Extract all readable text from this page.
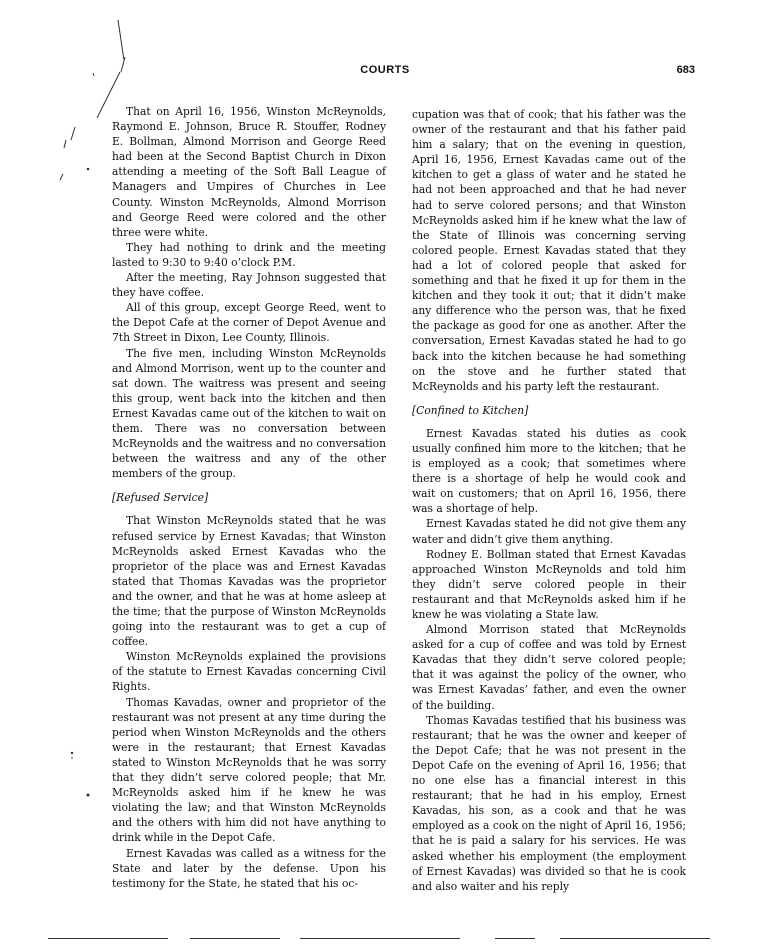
COURTS	683

That on April 16, 1956, Winston McReynolds, Raymond E. Johnson, Bruce R. Stouffer, Rodney E. Bollman, Almond Morrison and George Reed had been at the Second Baptist Church in Dixon attending a meeting of the Soft Ball League of Managers and Umpires of Churches in Lee County. Winston McReynolds, Almond Morrison and George Reed were colored and the other three were white.

They had nothing to drink and the meeting lasted to 9:30 to 9:40 o’clock P.M.

After the meeting, Ray Johnson suggested that they have coffee.

All of this group, except George Reed, went to the Depot Cafe at the corner of Depot Avenue and 7th Street in Dixon, Lee County, Illinois.

The five men, including Winston McReynolds and Almond Morrison, went up to the counter and sat down. The waitress was present and seeing this group, went back into the kitchen and then Ernest Kavadas came out of the kitchen to wait on them. There was no conversation between McReynolds and the waitress and no conversation between the waitress and any of the other members of the group.

[Refused Service]

That Winston McReynolds stated that he was refused service by Ernest Kavadas; that Winston McReynolds asked Ernest Kavadas who the proprietor of the place was and Ernest Kavadas stated that Thomas Kavadas was the proprietor and the owner, and that he was at home asleep at the time; that the purpose of Winston McReynolds going into the restaurant was to get a cup of coffee.

Winston McReynolds explained the provisions of the statute to Ernest Kavadas concerning Civil Rights.

Thomas Kavadas, owner and proprietor of the restaurant was not present at any time during the period when Winston McReynolds and the others were in the restaurant; that Ernest Kavadas stated to Winston McReynolds that he was sorry that they didn’t serve colored people; that Mr. McReynolds asked him if he knew he was violating the law; and that Winston McReynolds and the others with him did not have anything to drink while in the Depot Cafe.

Ernest Kavadas was called as a witness for the State and later by the defense. Upon his testimony for the State, he stated that his oc-

cupation was that of cook; that his father was the owner of the restaurant and that his father paid him a salary; that on the evening in question, April 16, 1956, Ernest Kavadas came out of the kitchen to get a glass of water and he stated he had not been approached and that he had never had to serve colored persons; and that Winston McReynolds asked him if he knew what the law of the State of Illinois was concerning serving colored people. Ernest Kavadas stated that they had a lot of colored people that asked for something and that he fixed it up for them in the kitchen and they took it out; that it didn’t make any difference who the person was, that he fixed the package as good for one as another. After the conversation, Ernest Kavadas stated he had to go back into the kitchen because he had something on the stove and he further stated that McReynolds and his party left the restaurant.

[Confined to Kitchen]

Ernest Kavadas stated his duties as cook usually confined him more to the kitchen; that he is employed as a cook; that sometimes where there is a shortage of help he would cook and wait on customers; that on April 16, 1956, there was a shortage of help.

Ernest Kavadas stated he did not give them any water and didn’t give them anything.

Rodney E. Bollman stated that Ernest Kavadas approached Winston McReynolds and told him they didn’t serve colored people in their restaurant and that McReynolds asked him if he knew he was violating a State law.

Almond Morrison stated that McReynolds asked for a cup of coffee and was told by Ernest Kavadas that they didn’t serve colored people; that it was against the policy of the owner, who was Ernest Kavadas’ father, and even the owner of the building.

Thomas Kavadas testified that his business was restaurant; that he was the owner and keeper of the Depot Cafe; that he was not present in the Depot Cafe on the evening of April 16, 1956; that no one else has a financial interest in this restaurant; that he had in his employ, Ernest Kavadas, his son, as a cook and that he was employed as a cook on the night of April 16, 1956; that he is paid a salary for his services. He was asked whether his employment (the employment of Ernest Kavadas) was divided so that he is cook and also waiter and his reply
